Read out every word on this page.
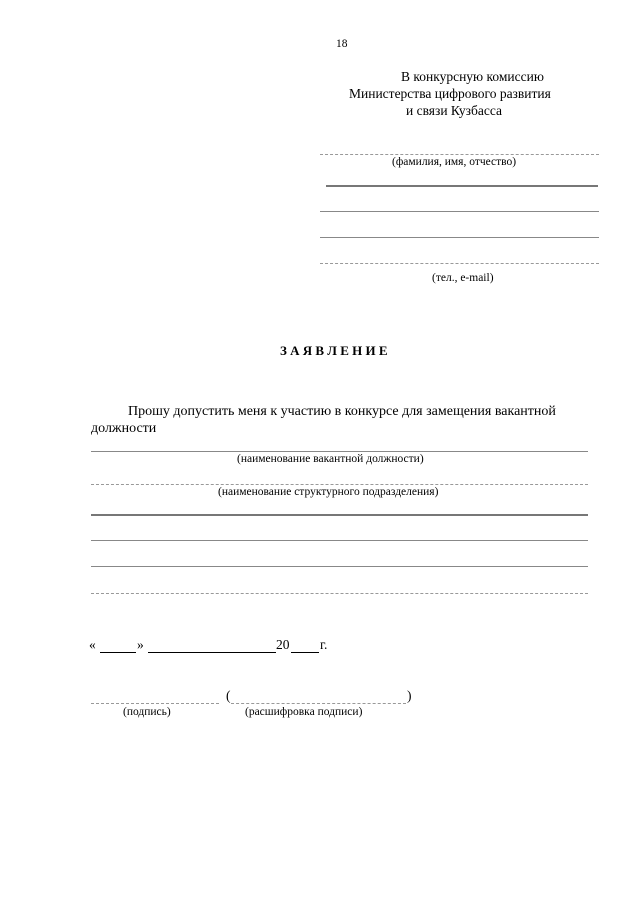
18
В конкурсную комиссию
Министерства цифрового развития
и связи Кузбасса
(фамилия, имя, отчество)
(тел., e-mail)
З А Я В Л Е Н И Е
Прошу допустить меня к участию в конкурсе для замещения вакантной
должности
(наименование вакантной должности)
(наименование структурного подразделения)
«	»	20 г.
(	)
(подпись)	(расшифровка подписи)
